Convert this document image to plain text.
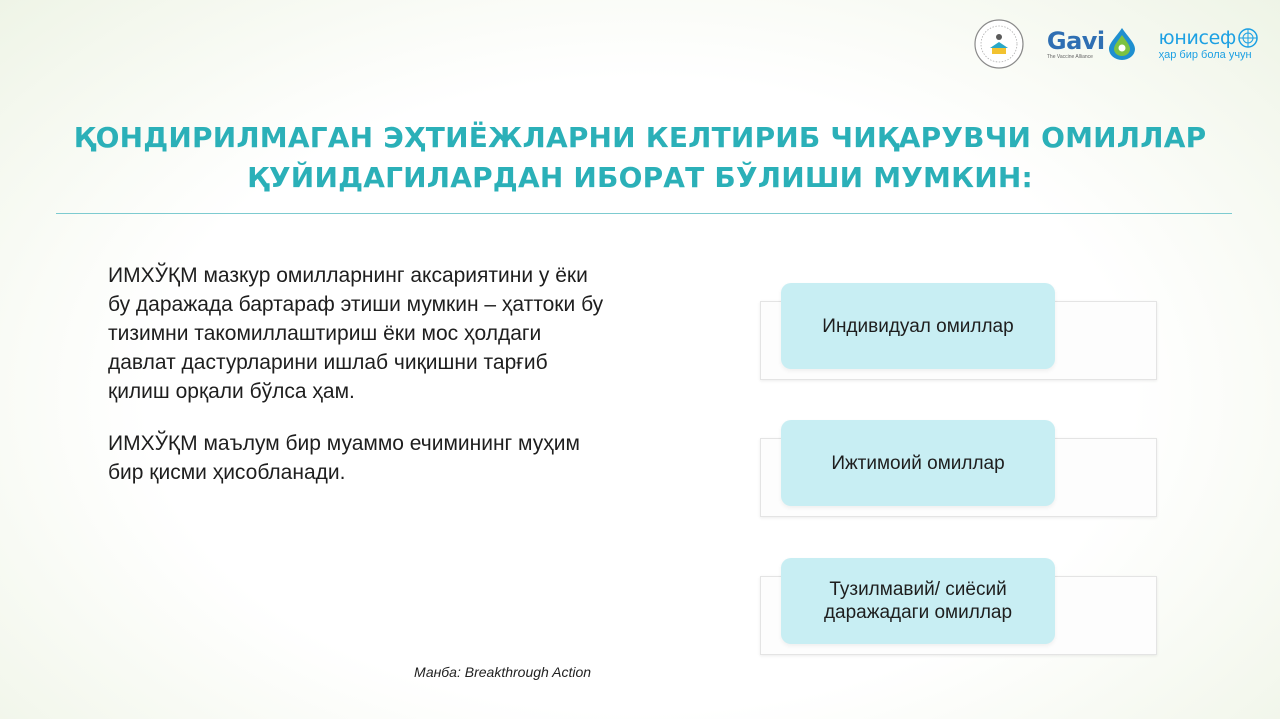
Gavi
The Vaccine Alliance
юнисеф
ҳар бир бола учун
ҚОНДИРИЛМАГАН ЭҲТИЁЖЛАРНИ КЕЛТИРИБ ЧИҚАРУВЧИ ОМИЛЛАР
ҚУЙИДАГИЛАРДАН ИБОРАТ БЎЛИШИ МУМКИН:

ИМХЎҚМ мазкур омилларнинг аксариятини у ёки бу даражада бартараф этиши мумкин – ҳаттоки бу тизимни такомиллаштириш ёки мос ҳолдаги давлат дастурларини ишлаб чиқишни тарғиб қилиш орқали бўлса ҳам.

ИМХЎҚМ маълум бир муаммо ечимининг муҳим бир қисми ҳисобланади.

Индивидуал омиллар
Ижтимоий омиллар
Тузилмавий/ сиёсий
даражадаги омиллар
Манба: Breakthrough Action
